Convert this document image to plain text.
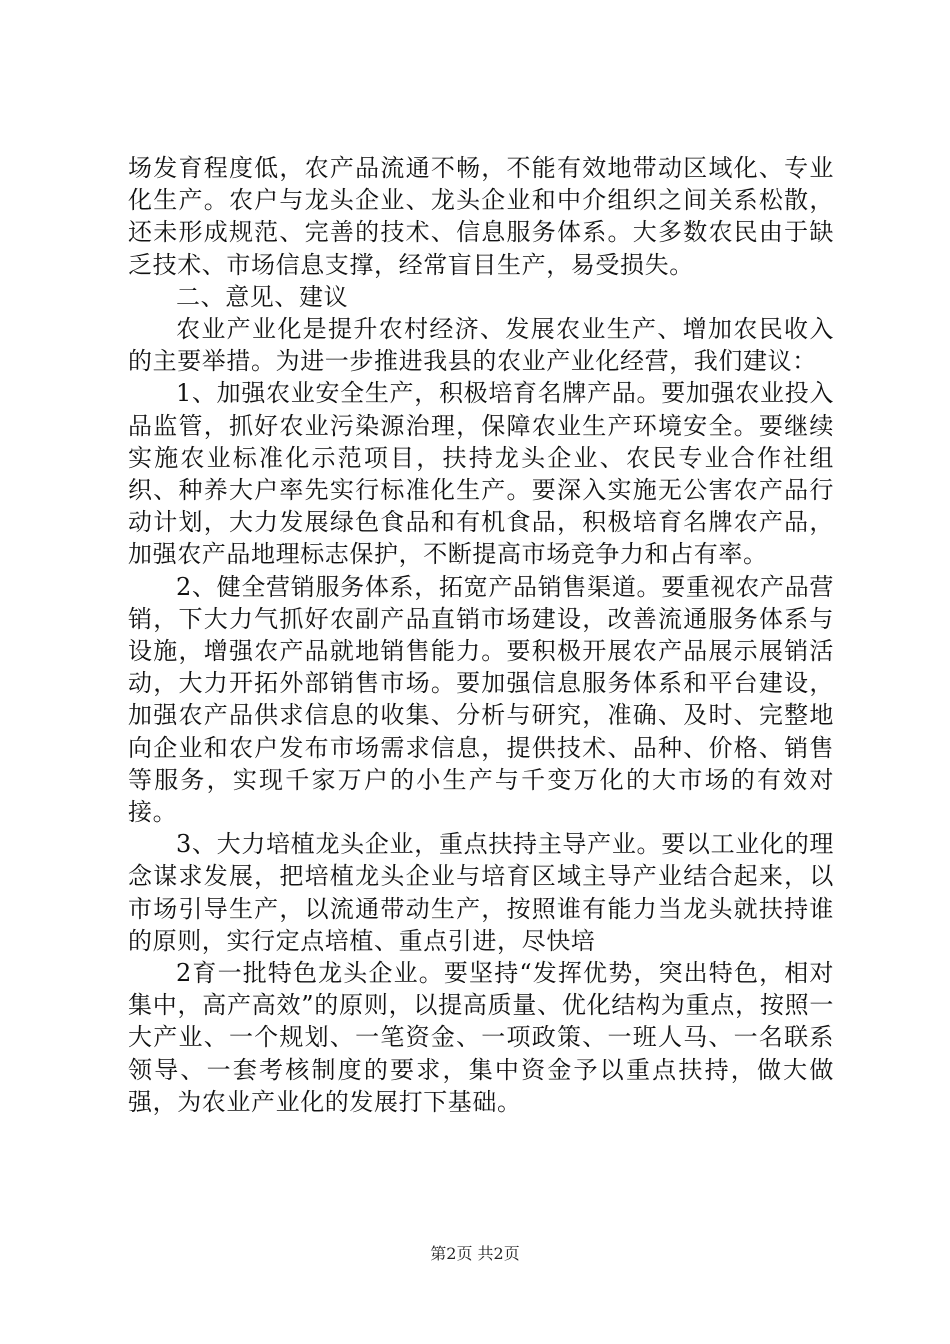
场发育程度低，农产品流通不畅，不能有效地带动区域化、专业化生产。农户与龙头企业、龙头企业和中介组织之间关系松散，还未形成规范、完善的技术、信息服务体系。大多数农民由于缺乏技术、市场信息支撑，经常盲目生产，易受损失。

二、意见、建议

农业产业化是提升农村经济、发展农业生产、增加农民收入的主要举措。为进一步推进我县的农业产业化经营，我们建议：

1、加强农业安全生产，积极培育名牌产品。要加强农业投入品监管，抓好农业污染源治理，保障农业生产环境安全。要继续实施农业标准化示范项目，扶持龙头企业、农民专业合作社组织、种养大户率先实行标准化生产。要深入实施无公害农产品行动计划，大力发展绿色食品和有机食品，积极培育名牌农产品，加强农产品地理标志保护，不断提高市场竞争力和占有率。

2、健全营销服务体系，拓宽产品销售渠道。要重视农产品营销，下大力气抓好农副产品直销市场建设，改善流通服务体系与设施，增强农产品就地销售能力。要积极开展农产品展示展销活动，大力开拓外部销售市场。要加强信息服务体系和平台建设，加强农产品供求信息的收集、分析与研究，准确、及时、完整地向企业和农户发布市场需求信息，提供技术、品种、价格、销售等服务，实现千家万户的小生产与千变万化的大市场的有效对接。

3、大力培植龙头企业，重点扶持主导产业。要以工业化的理念谋求发展，把培植龙头企业与培育区域主导产业结合起来，以市场引导生产，以流通带动生产，按照谁有能力当龙头就扶持谁的原则，实行定点培植、重点引进，尽快培

2育一批特色龙头企业。要坚持“发挥优势，突出特色，相对集中，高产高效”的原则，以提高质量、优化结构为重点，按照一大产业、一个规划、一笔资金、一项政策、一班人马、一名联系领导、一套考核制度的要求，集中资金予以重点扶持，做大做强，为农业产业化的发展打下基础。

第2页 共2页
